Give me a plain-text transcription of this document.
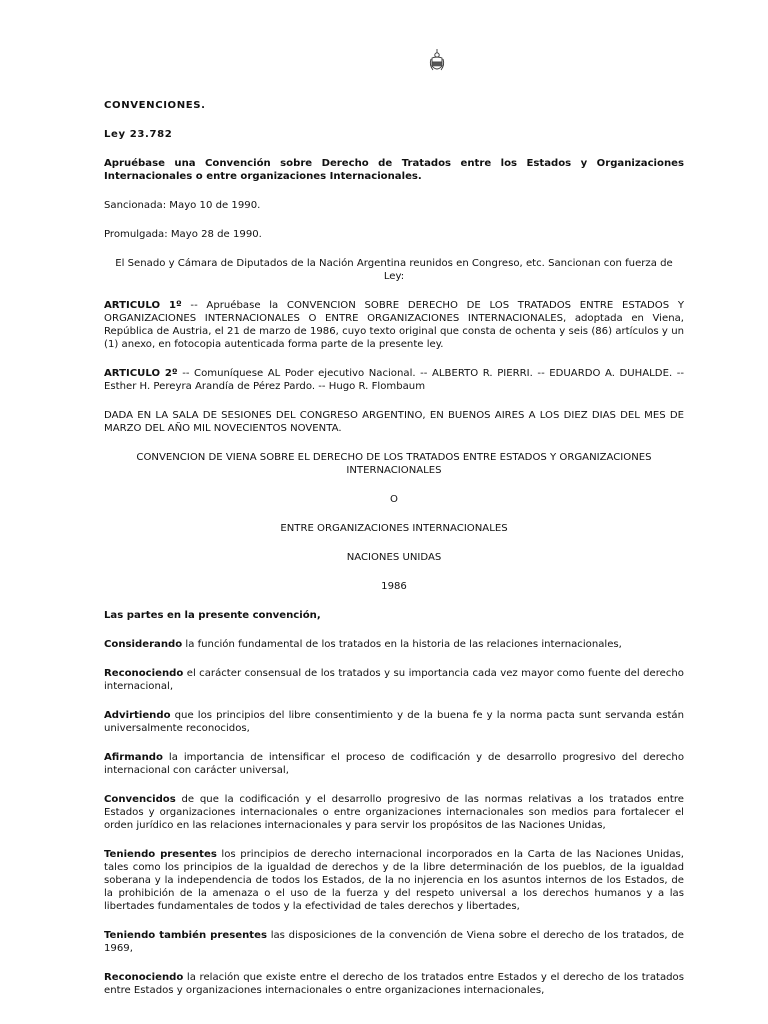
CONVENCIONES.

Ley 23.782

Apruébase una Convención sobre Derecho de Tratados entre los Estados y Organizaciones Internacionales o entre organizaciones Internacionales.

Sancionada: Mayo 10 de 1990.

Promulgada: Mayo 28 de 1990.

El Senado y Cámara de Diputados de la Nación Argentina reunidos en Congreso, etc. Sancionan con fuerza de Ley:

ARTICULO 1º -- Apruébase la CONVENCION SOBRE DERECHO DE LOS TRATADOS ENTRE ESTADOS Y ORGANIZACIONES INTERNACIONALES O ENTRE ORGANIZACIONES INTERNACIONALES, adoptada en Viena, República de Austria, el 21 de marzo de 1986, cuyo texto original que consta de ochenta y seis (86) artículos y un (1) anexo, en fotocopia autenticada forma parte de la presente ley.

ARTICULO 2º -- Comuníquese AL Poder ejecutivo Nacional. -- ALBERTO R. PIERRI. -- EDUARDO A. DUHALDE. -- Esther H. Pereyra Arandía de Pérez Pardo. -- Hugo R. Flombaum

DADA EN LA SALA DE SESIONES DEL CONGRESO ARGENTINO, EN BUENOS AIRES A LOS DIEZ DIAS DEL MES DE MARZO DEL AÑO MIL NOVECIENTOS NOVENTA.

CONVENCION DE VIENA SOBRE EL DERECHO DE LOS TRATADOS ENTRE ESTADOS Y ORGANIZACIONES INTERNACIONALES

O

ENTRE ORGANIZACIONES INTERNACIONALES

NACIONES UNIDAS

1986

Las partes en la presente convención,

Considerando la función fundamental de los tratados en la historia de las relaciones internacionales,

Reconociendo el carácter consensual de los tratados y su importancia cada vez mayor como fuente del derecho internacional,

Advirtiendo que los principios del libre consentimiento y de la buena fe y la norma pacta sunt servanda están universalmente reconocidos,

Afirmando la importancia de intensificar el proceso de codificación y de desarrollo progresivo del derecho internacional con carácter universal,

Convencidos de que la codificación y el desarrollo progresivo de las normas relativas a los tratados entre Estados y organizaciones internacionales o entre organizaciones internacionales son medios para fortalecer el orden jurídico en las relaciones internacionales y para servir los propósitos de las Naciones Unidas,

Teniendo presentes los principios de derecho internacional incorporados en la Carta de las Naciones Unidas, tales como los principios de la igualdad de derechos y de la libre determinación de los pueblos, de la igualdad soberana y la independencia de todos los Estados, de la no injerencia en los asuntos internos de los Estados, de la prohibición de la amenaza o el uso de la fuerza y del respeto universal a los derechos humanos y a las libertades fundamentales de todos y la efectividad de tales derechos y libertades,

Teniendo también presentes las disposiciones de la convención de Viena sobre el derecho de los tratados, de 1969,

Reconociendo la relación que existe entre el derecho de los tratados entre Estados y el derecho de los tratados entre Estados y organizaciones internacionales o entre organizaciones internacionales,
